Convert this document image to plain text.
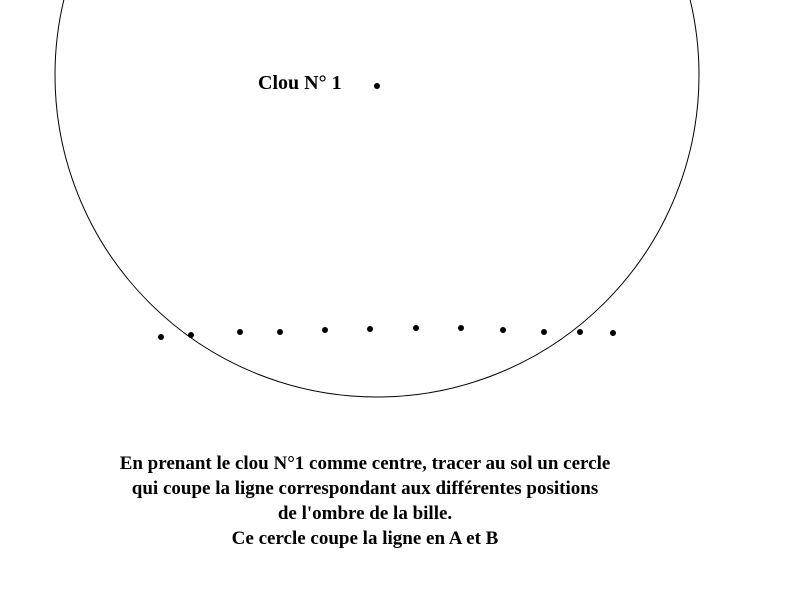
Clou N° 1
En prenant le clou N°1 comme centre, tracer au sol un cercle
qui coupe la ligne correspondant aux différentes positions
de l'ombre de la bille.
Ce cercle coupe la ligne en A et B
